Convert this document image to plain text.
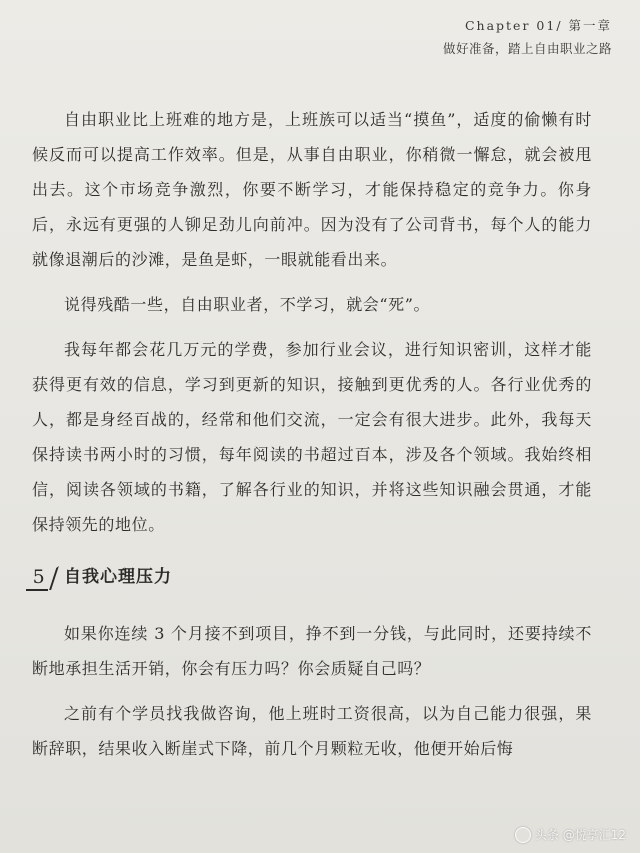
Chapter 01/ 第一章
做好准备，踏上自由职业之路

自由职业比上班难的地方是，上班族可以适当“摸鱼”，适度的偷懒有时候反而可以提高工作效率。但是，从事自由职业，你稍微一懈怠，就会被甩出去。这个市场竞争激烈，你要不断学习，才能保持稳定的竞争力。你身后，永远有更强的人铆足劲儿向前冲。因为没有了公司背书，每个人的能力就像退潮后的沙滩，是鱼是虾，一眼就能看出来。

说得残酷一些，自由职业者，不学习，就会“死”。

我每年都会花几万元的学费，参加行业会议，进行知识密训，这样才能获得更有效的信息，学习到更新的知识，接触到更优秀的人。各行业优秀的人，都是身经百战的，经常和他们交流，一定会有很大进步。此外，我每天保持读书两小时的习惯，每年阅读的书超过百本，涉及各个领域。我始终相信，阅读各领域的书籍，了解各行业的知识，并将这些知识融会贯通，才能保持领先的地位。

5	自我心理压力

如果你连续 3 个月接不到项目，挣不到一分钱，与此同时，还要持续不断地承担生活开销，你会有压力吗？你会质疑自己吗？

之前有个学员找我做咨询，他上班时工资很高，以为自己能力很强，果断辞职，结果收入断崖式下降，前几个月颗粒无收，他便开始后悔

头条 @悦享汇12
